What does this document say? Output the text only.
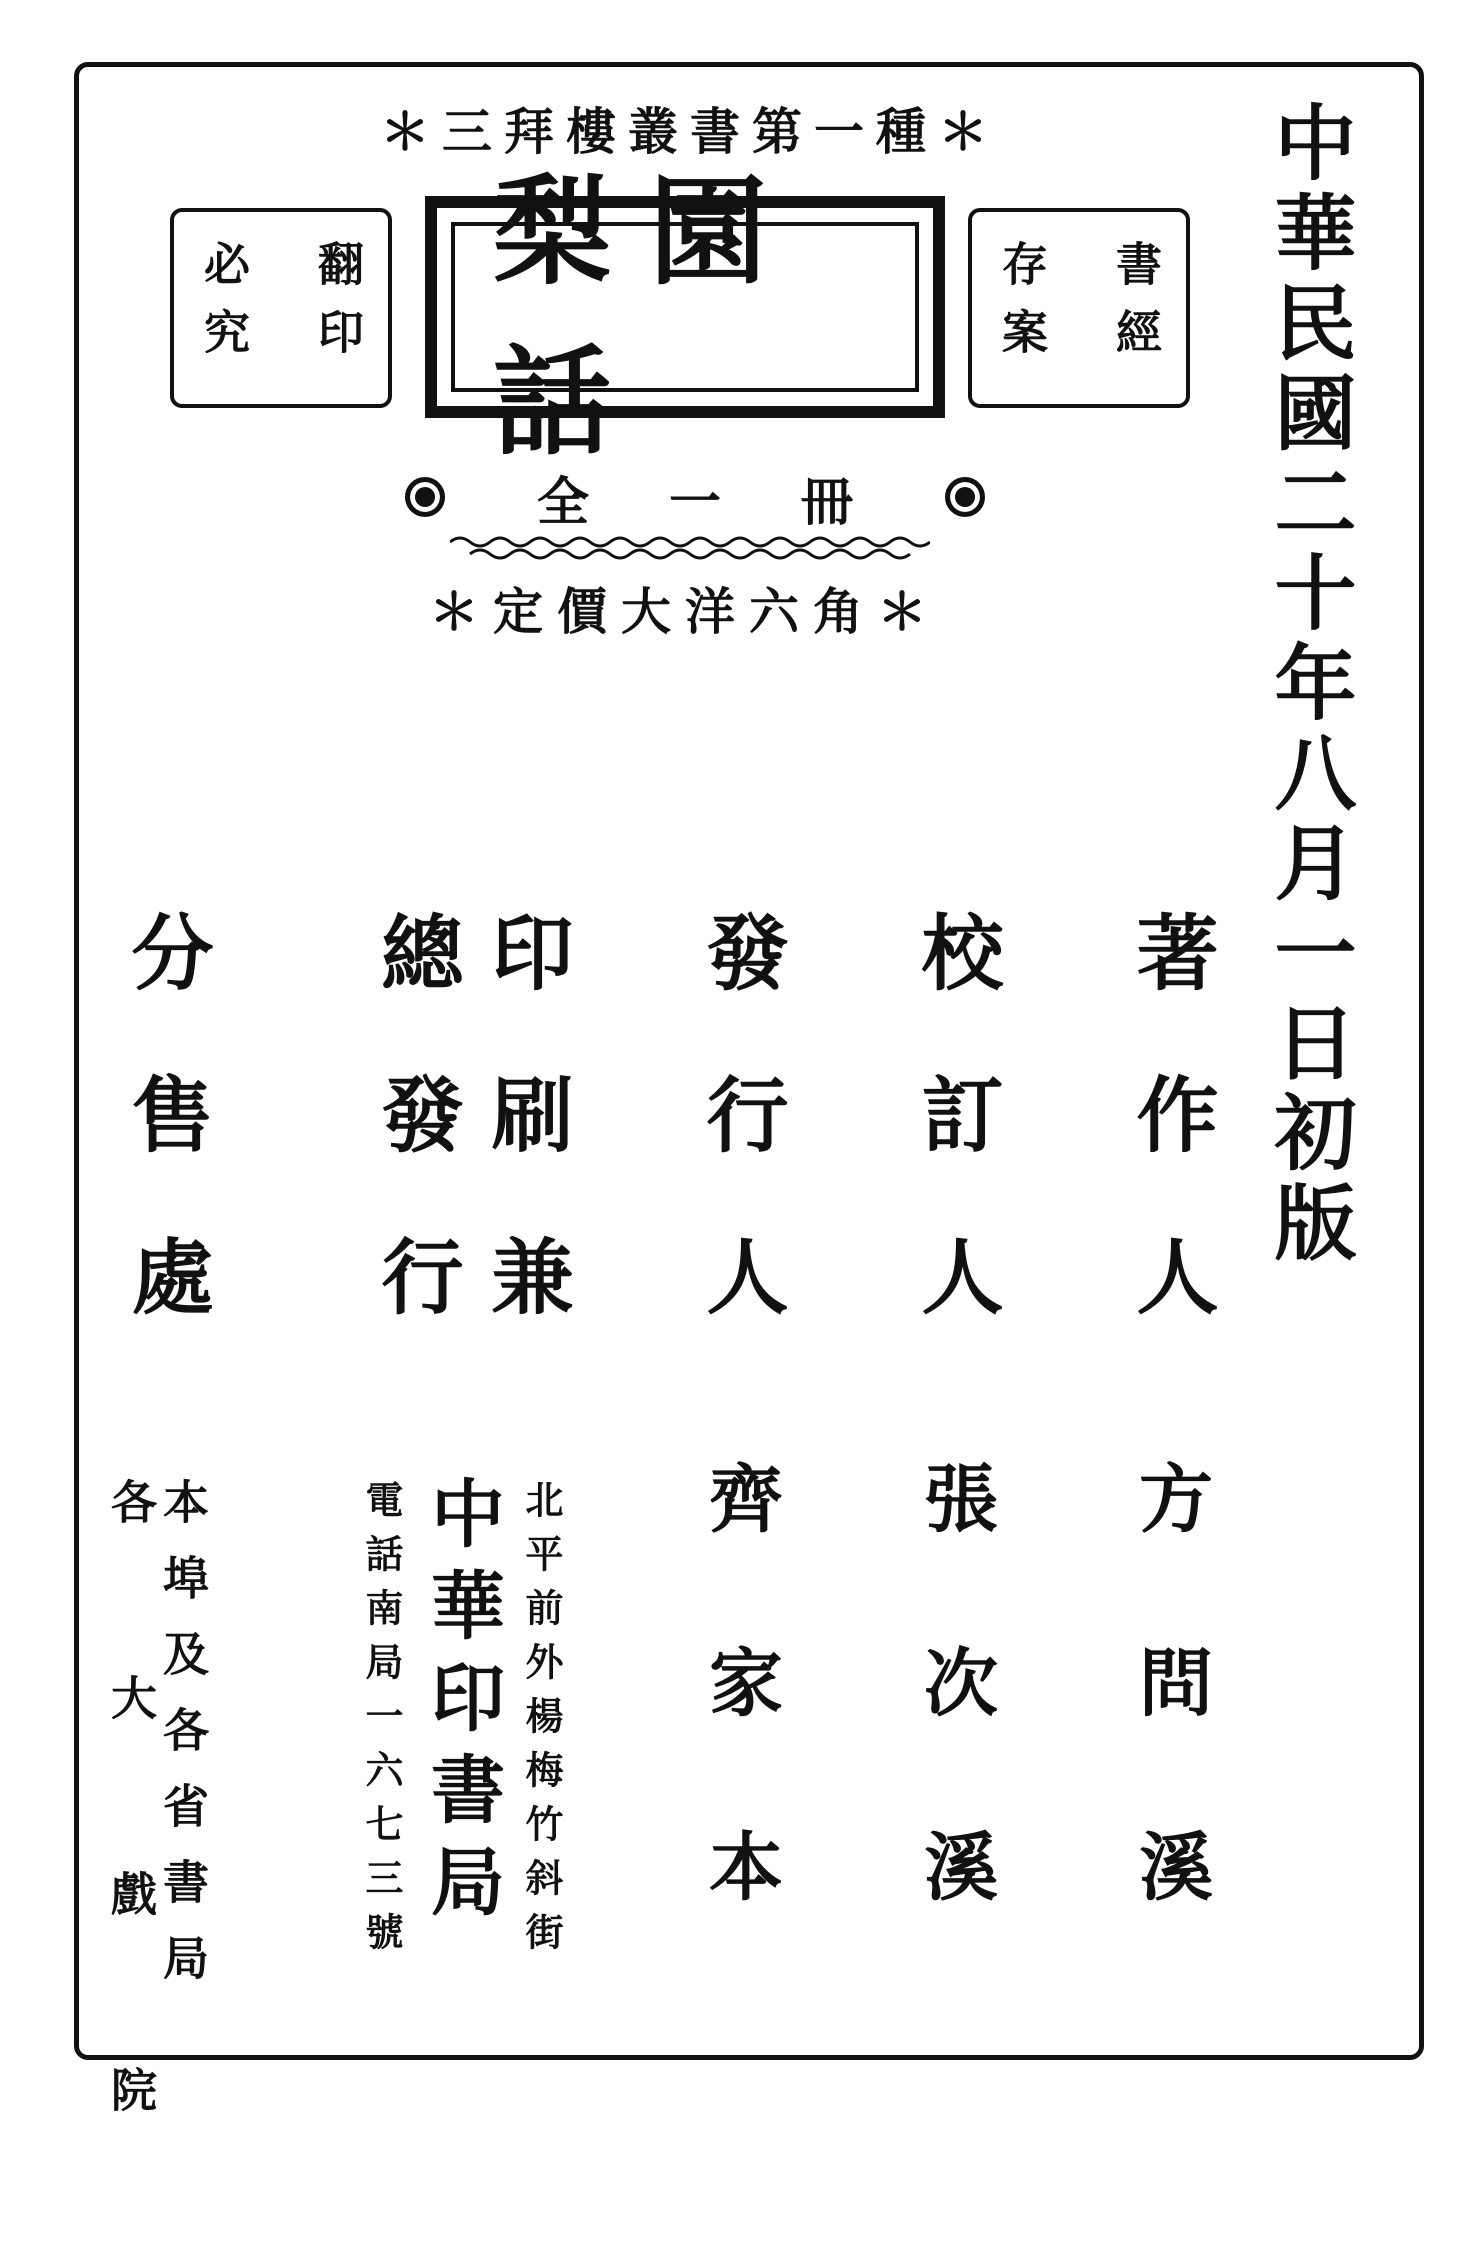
＊三拜樓叢書第一種＊
翻印
必究
梨園話
書經
存案
全一冊
＊定價大洋六角＊	中華民國二十年八月一日初版
著作人
方問溪
校訂人
張次溪
發行人
齊家本
印刷兼
總發行
北平前外楊梅竹斜街
中華印書局
電話南局一六七三號
分售處
本埠及各省書局
各大戲院
